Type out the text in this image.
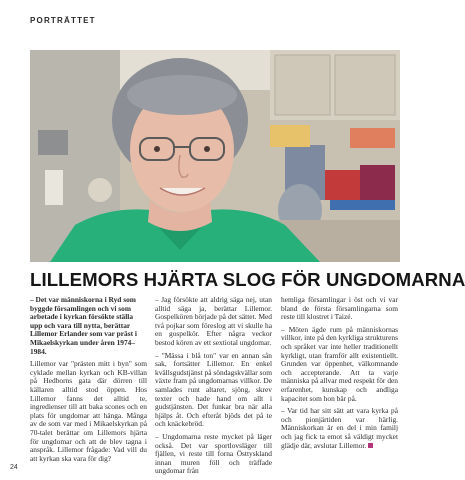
PORTRÄTTET
LILLEMORS HJÄRTA SLOG FÖR UNGDOMARNA

– Det var människorna i Ryd som byggde församlingen och vi som arbetade i kyrkan försökte ställa upp och vara till nytta, berättar Lillemor Erlander som var präst i Mikaelskyrkan under åren 1974–1984.

Lillemor var "prästen mitt i byn" som cyklade mellan kyrkan och KB-villan på Hedborns gata där dörren till källaren alltid stod öppen. Hos Lillemor fanns det alltid te, ingredienser till att baka scones och en plats för ungdomar att hänga. Många av de som var med i Mikaelskyrkan på 70-talet berättar om Lillemors hjärta för ungdomar och att de blev tagna i anspråk. Lillemor frågade: Vad vill du att kyrkan ska vara för dig?

– Jag försökte att aldrig säga nej, utan alltid säga ja, berättar Lillemor. Gospelkören började på det sättet. Med två pojkar som föreslog att vi skulle ha en gospelkör. Efter några veckor bestod kören av ett sextiotal ungdomar.

– "Mässa i blå ton" var en annan sån sak, fortsätter Lillemor. En enkel kvällsgudstjänst på söndagskvällar som växte fram på ungdomarnas villkor. De samlades runt altaret, sjöng, skrev texter och hade hand om allt i gudstjänsten. Det funkar bra när alla hjälps åt. Och efteråt bjöds det på te och knäckebröd.

– Ungdomarna reste mycket på läger också. Det var sportlovsläger till fjällen, vi reste till forna Östtyskland innan muren föll och träffade ungdomar från

hemliga församlingar i öst och vi var bland de första församlingarna som reste till klostret i Taizé.

– Möten ägde rum på människornas villkor, inte på den kyrkliga strukturens och språket var inte heller traditionellt kyrkligt, utan framför allt existentiellt. Grunden var öppenhet, välkomnande och accepterande. Att ta varje människa på allvar med respekt för den erfarenhet, kunskap och andliga kapacitet som hon bär på.

– Var tid har sitt sätt att vara kyrka på och pionjärtiden var härlig. Människorkan är en del i min familj och jag fick ta emot så väldigt mycket glädje där, avslutar Lillemor.

24
